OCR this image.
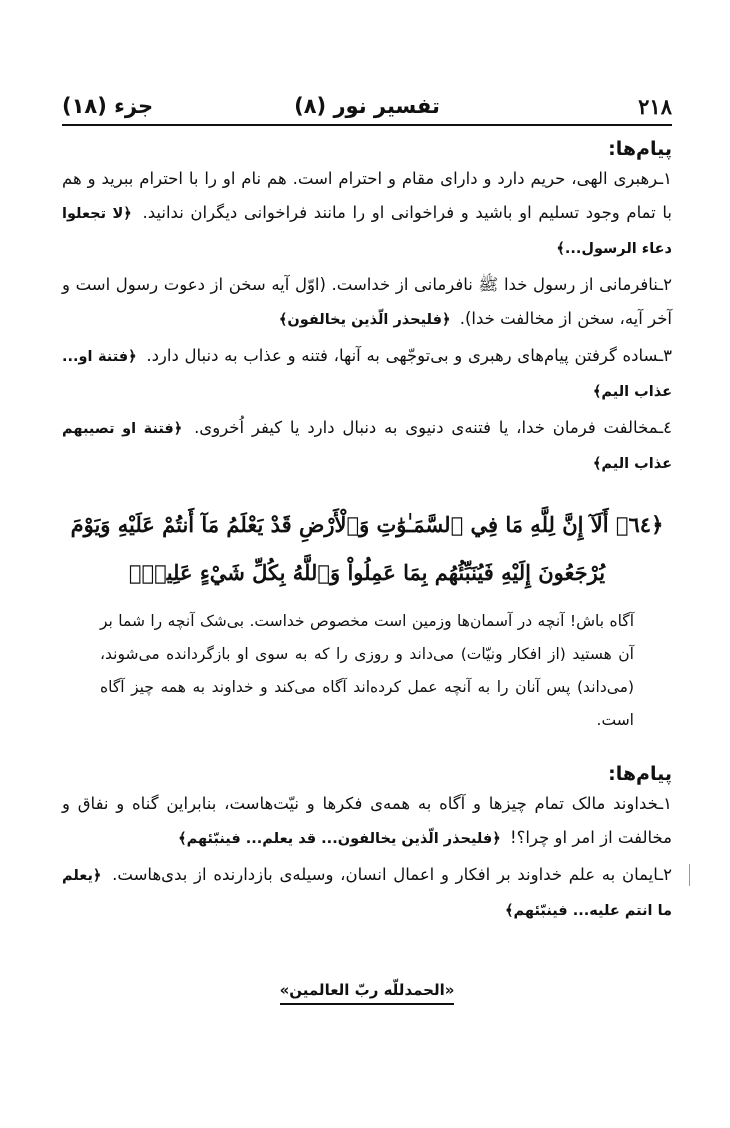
۲۱۸
تفسیر نور (۸)
جزء (۱۸)
پیام‌ها:

۱ـرهبری الهی، حریم دارد و دارای مقام و احترام است. هم نام او را با احترام ببرید و هم با تمام وجود تسلیم او باشید و فراخوانی او را مانند فراخوانی دیگران ندانید. ﴿لا تجعلوا دعاء الرسول...﴾

۲ـنافرمانی از رسول خدا ﷺ نافرمانی از خداست. (اوّل آیه سخن از دعوت رسول است و آخر آیه، سخن از مخالفت خدا). ﴿فلیحذر الّذین یخالفون﴾

۳ـساده گرفتن پیام‌های رهبری و بی‌توجّهی به آنها، فتنه و عذاب به دنبال دارد. ﴿فتنة او... عذاب الیم﴾

٤ـمخالفت فرمان خدا، یا فتنه‌ی دنیوی به دنبال دارد یا کیفر اُخروی. ﴿فتنة او تصیبهم عذاب الیم﴾

﴿٦٤﴾ أَلَآ إِنَّ لِلَّهِ مَا فِي ٱلسَّمَـٰوَٰتِ وَٱلْأَرْضِ قَدْ يَعْلَمُ مَآ أَنتُمْ عَلَيْهِ وَيَوْمَ يُرْجَعُونَ إِلَيْهِ فَيُنَبِّئُهُم بِمَا عَمِلُواْ وَٱللَّهُ بِكُلِّ شَيْءٍ عَلِيمُۢ

آگاه باش! آنچه در آسمان‌ها وزمین است مخصوص خداست. بی‌شک آنچه را شما بر آن هستید (از افکار ونیّات) می‌داند و روزی را که به سوی او بازگردانده می‌شوند، (می‌داند) پس آنان را به آنچه عمل کرده‌اند آگاه می‌کند و خداوند به همه چیز آگاه است.

پیام‌ها:

۱ـخداوند مالک تمام چیزها و آگاه به همه‌ی فکرها و نیّت‌هاست، بنابراین گناه و نفاق و مخالفت از امر او چرا؟! ﴿فلیحذر الّذین یخالفون... قد یعلم... فینبّئهم﴾

۲ـایمان به علم خداوند بر افکار و اعمال انسان، وسیله‌ی بازدارنده از بدی‌هاست. ﴿یعلم ما انتم علیه... فینبّئهم﴾

«الحمدللّه ربّ العالمین»
